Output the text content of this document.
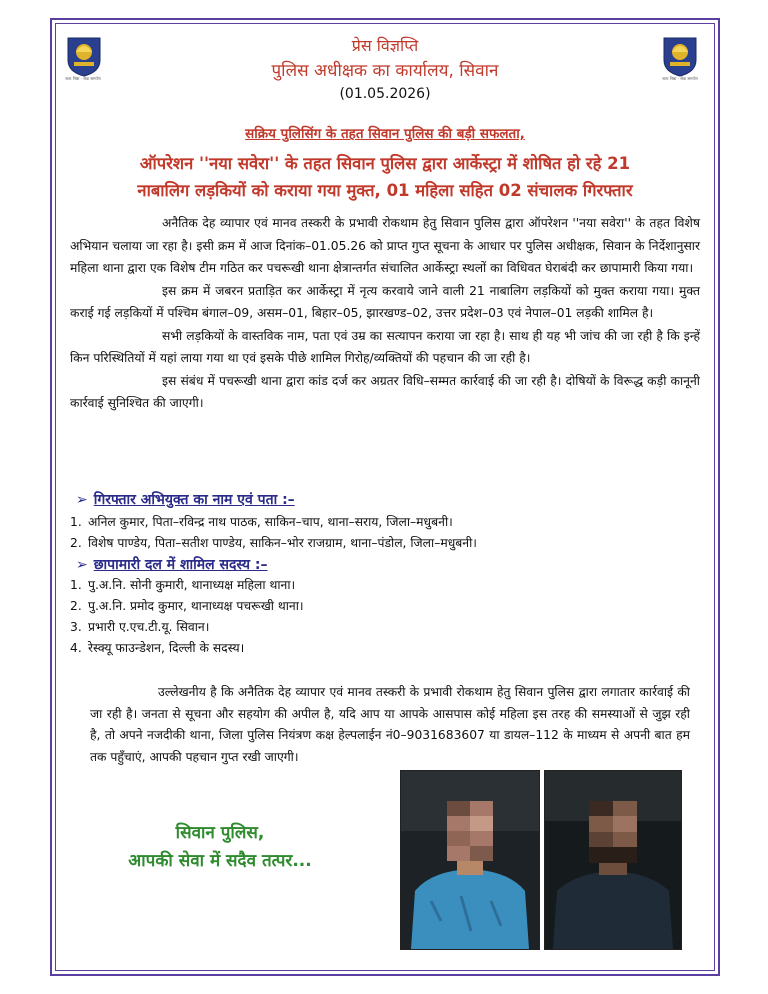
सत्य निष्ठा · सेवा समर्पण	सत्य निष्ठा · सेवा समर्पण
प्रेस विज्ञप्ति
पुलिस अधीक्षक का कार्यालय, सिवान
(01.05.2026)
सक्रिय पुलिसिंग के तहत सिवान पुलिस की बड़ी सफलता,
ऑपरेशन ''नया सवेरा'' के तहत सिवान पुलिस द्वारा आर्केस्ट्रा में शोषित हो रहे 21
नाबालिग लड़कियों को कराया गया मुक्त, 01 महिला सहित 02 संचालक गिरफ्तार

अनैतिक देह व्यापार एवं मानव तस्करी के प्रभावी रोकथाम हेतु सिवान पुलिस द्वारा ऑपरेशन ''नया सवेरा'' के तहत विशेष अभियान चलाया जा रहा है। इसी क्रम में आज दिनांक–01.05.26 को प्राप्त गुप्त सूचना के आधार पर पुलिस अधीक्षक, सिवान के निर्देशानुसार महिला थाना द्वारा एक विशेष टीम गठित कर पचरूखी थाना क्षेत्रान्तर्गत संचालित आर्केस्ट्रा स्थलों का विधिवत घेराबंदी कर छापामारी किया गया।

इस क्रम में जबरन प्रताड़ित कर आर्केस्ट्रा में नृत्य करवाये जाने वाली 21 नाबालिग लड़कियों को मुक्त कराया गया। मुक्त कराई गई लड़कियों में पश्चिम बंगाल–09, असम–01, बिहार–05, झारखण्ड–02, उत्तर प्रदेश–03 एवं नेपाल–01 लड़की शामिल है।

सभी लड़कियों के वास्तविक नाम, पता एवं उम्र का सत्यापन कराया जा रहा है। साथ ही यह भी जांच की जा रही है कि इन्हें किन परिस्थितियों में यहां लाया गया था एवं इसके पीछे शामिल गिरोह/व्यक्तियों की पहचान की जा रही है।

इस संबंध में पचरूखी थाना द्वारा कांड दर्ज कर अग्रतर विधि–सम्मत कार्रवाई की जा रही है। दोषियों के विरूद्ध कड़ी कानूनी कार्रवाई सुनिश्चित की जाएगी।

➢ गिरफ्तार अभियुक्त का नाम एवं पता :–
1. अनिल कुमार, पिता–रविन्द्र नाथ पाठक, साकिन–चाप, थाना–सराय, जिला–मधुबनी।
2. विशेष पाण्डेय, पिता–सतीश पाण्डेय, साकिन–भोर राजग्राम, थाना–पंडोल, जिला–मधुबनी।
➢ छापामारी दल में शामिल सदस्य :–
1. पु.अ.नि. सोनी कुमारी, थानाध्यक्ष महिला थाना।
2. पु.अ.नि. प्रमोद कुमार, थानाध्यक्ष पचरूखी थाना।
3. प्रभारी ए.एच.टी.यू. सिवान।
4. रेस्क्यू फाउन्डेशन, दिल्ली के सदस्य।
उल्लेखनीय है कि अनैतिक देह व्यापार एवं मानव तस्करी के प्रभावी रोकथाम हेतु सिवान पुलिस द्वारा लगातार कार्रवाई की जा रही है। जनता से सूचना और सहयोग की अपील है, यदि आप या आपके आसपास कोई महिला इस तरह की समस्याओं से जुझ रही है, तो अपने नजदीकी थाना, जिला पुलिस नियंत्रण कक्ष हेल्पलाईन नं0–9031683607 या डायल–112 के माध्यम से अपनी बात हम तक पहुँचाएं, आपकी पहचान गुप्त रखी जाएगी।
सिवान पुलिस,
आपकी सेवा में सदैव तत्पर...
